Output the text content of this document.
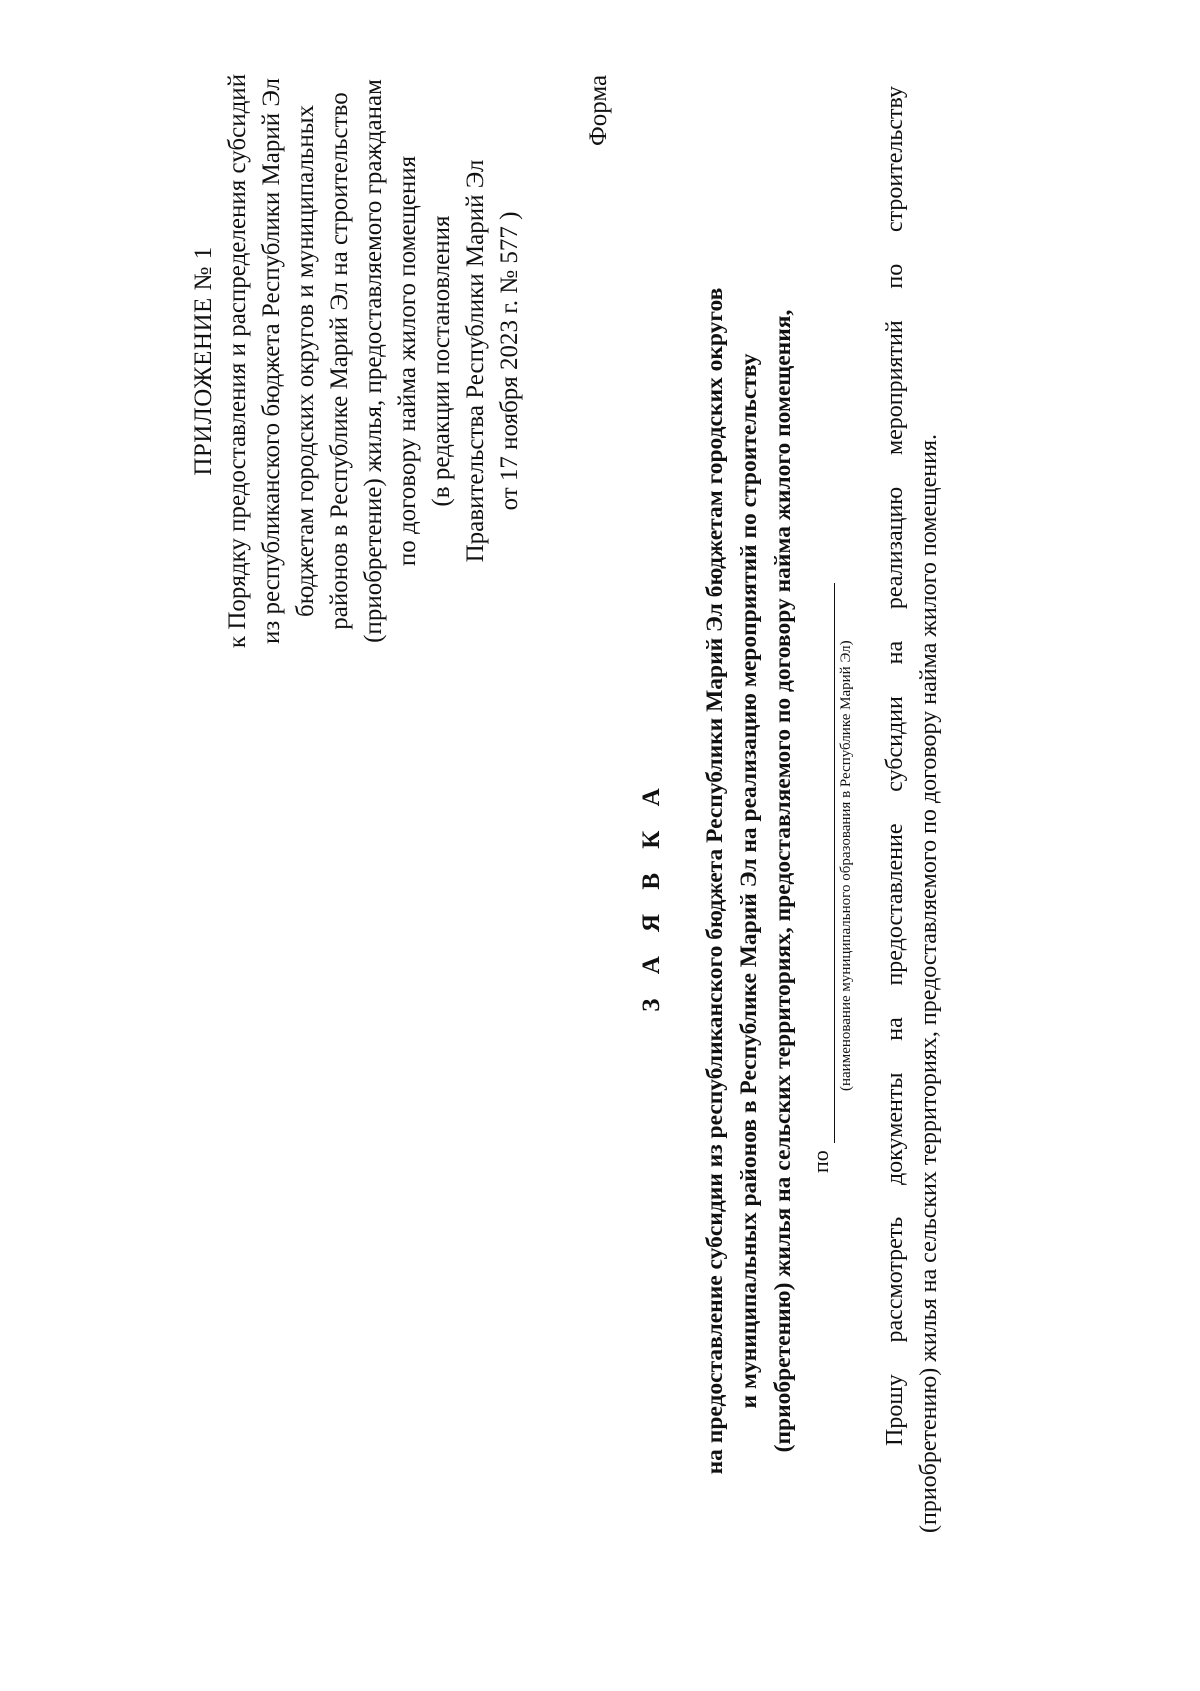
ПРИЛОЖЕНИЕ № 1 к Порядку предоставления и распределения субсидий из республиканского бюджета Республики Марий Эл бюджетам городских округов и муниципальных районов в Республике Марий Эл на строительство (приобретение) жилья, предоставляемого гражданам по договору найма жилого помещения (в редакции постановления Правительства Республики Марий Эл от 17 ноября 2023 г. № 577 )
Форма
З А Я В К А на предоставление субсидии из республиканского бюджета Республики Марий Эл бюджетам городских округов и муниципальных районов в Республике Марий Эл на реализацию мероприятий по строительству (приобретению) жилья на сельских территориях, предоставляемого по договору найма жилого помещения, по
(наименование муниципального образования в Республике Марий Эл) Прошу рассмотреть документы на предоставление субсидии на реализацию мероприятий по строительству (приобретению) жилья на сельских территориях, предоставляемого по договору найма жилого помещения.
